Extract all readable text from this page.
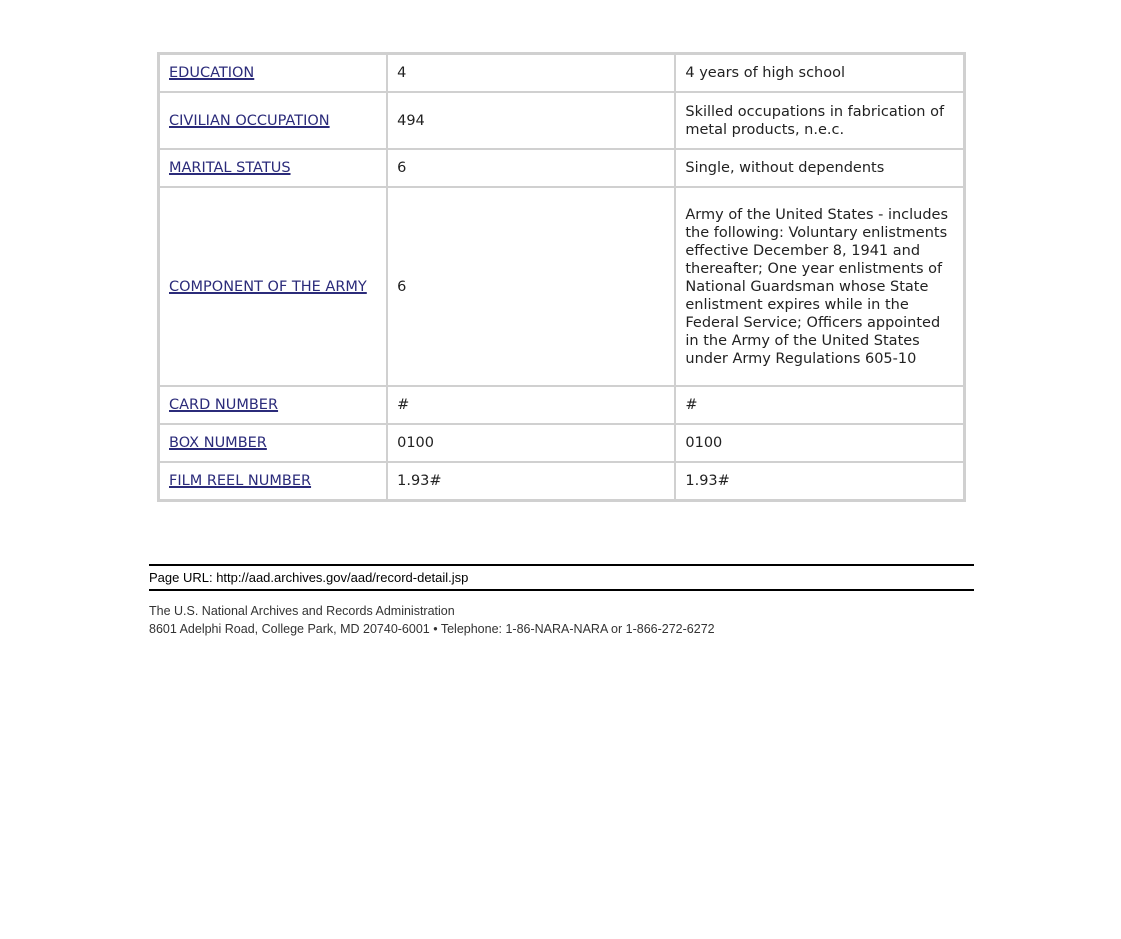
EDUCATION	4	4 years of high school
CIVILIAN OCCUPATION	494	Skilled occupations in fabrication of metal products, n.e.c.
MARITAL STATUS	6	Single, without dependents
COMPONENT OF THE ARMY	6	Army of the United States - includes the following: Voluntary enlistments effective December 8, 1941 and thereafter; One year enlistments of National Guardsman whose State enlistment expires while in the Federal Service; Officers appointed in the Army of the United States under Army Regulations 605-10
CARD NUMBER	#	#
BOX NUMBER	0100	0100
FILM REEL NUMBER	1.93#	1.93#
Page URL: http://aad.archives.gov/aad/record-detail.jsp
The U.S. National Archives and Records Administration
8601 Adelphi Road, College Park, MD 20740-6001 • Telephone: 1-86-NARA-NARA or 1-866-272-6272
